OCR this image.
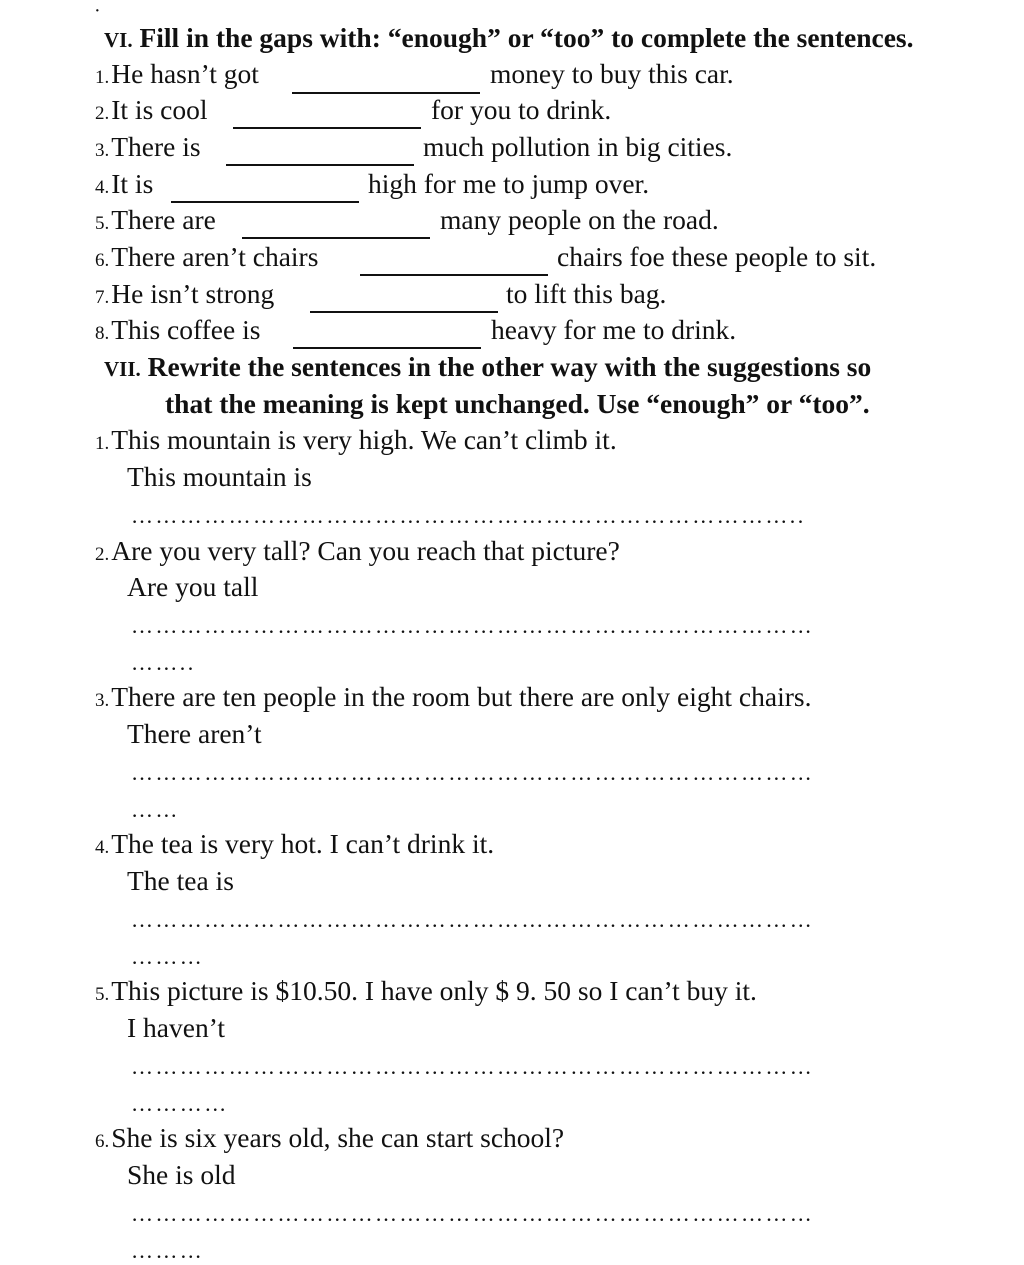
·
VI. Fill in the gaps with: “enough” or “too” to complete the sentences.
1.He hasn’t got	money to buy this car.
2.It is cool	for you to drink.
3.There is	much pollution in big cities.
4.It is	high for me to jump over.
5.There are	many people on the road.
6.There aren’t chairs	chairs foe these people to sit.
7.He isn’t strong	to lift this bag.
8.This coffee is	heavy for me to drink.
VII. Rewrite the sentences in the other way with the suggestions so
that the meaning is kept unchanged. Use “enough” or “too”.
1.This mountain is very high. We can’t climb it.
This mountain is
………………………………………………………………………..
2.Are you very tall? Can you reach that picture?
Are you tall
…………………………………………………………………………
……..
3.There are ten people in the room but there are only eight chairs.
There aren’t
…………………………………………………………………………
……
4.The tea is very hot. I can’t drink it.
The tea is
…………………………………………………………………………
………
5.This picture is $10.50. I have only $ 9. 50 so I can’t buy it.
I haven’t
…………………………………………………………………………
…………
6.She is six years old, she can start school?
She is old
…………………………………………………………………………
………
